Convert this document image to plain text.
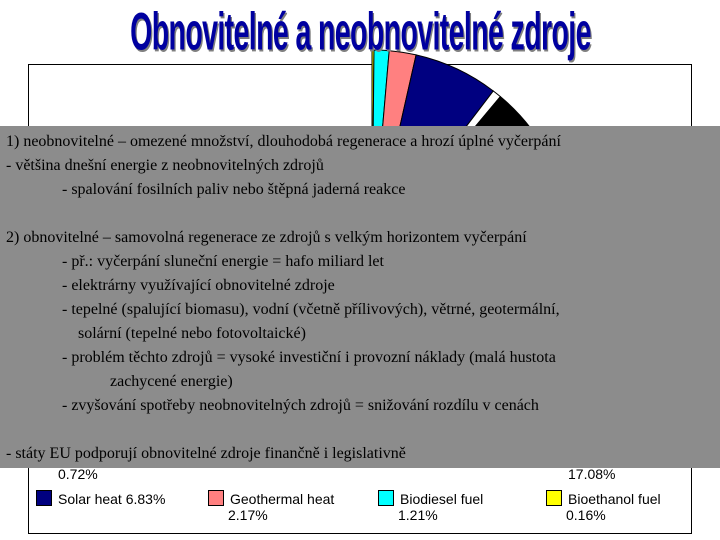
Obnovitelné a neobnovitelné zdroje
1) neobnovitelné – omezené množství, dlouhodobá regenerace a hrozí úplné vyčerpání
- většina dnešní energie z neobnovitelných zdrojů
- spalování fosilních paliv nebo štěpná jaderná reakce
2) obnovitelné – samovolná regenerace ze zdrojů s velkým horizontem vyčerpání
- př.: vyčerpání sluneční energie = hafo miliard let
- elektrárny využívající obnovitelné zdroje
- tepelné (spalující biomasu), vodní (včetně přílivových), větrné, geotermální,
solární (tepelné nebo fotovoltaické)
- problém těchto zdrojů = vysoké investiční i provozní náklady (malá hustota
zachycené energie)
- zvyšování spotřeby neobnovitelných zdrojů = snižování rozdílu v cenách
- státy EU podporují obnovitelné zdroje finančně i legislativně
0.72%	17.08%
Solar heat 6.83%	Geothermal heat
2.17%
Biodiesel fuel
1.21%
Bioethanol fuel
0.16%
